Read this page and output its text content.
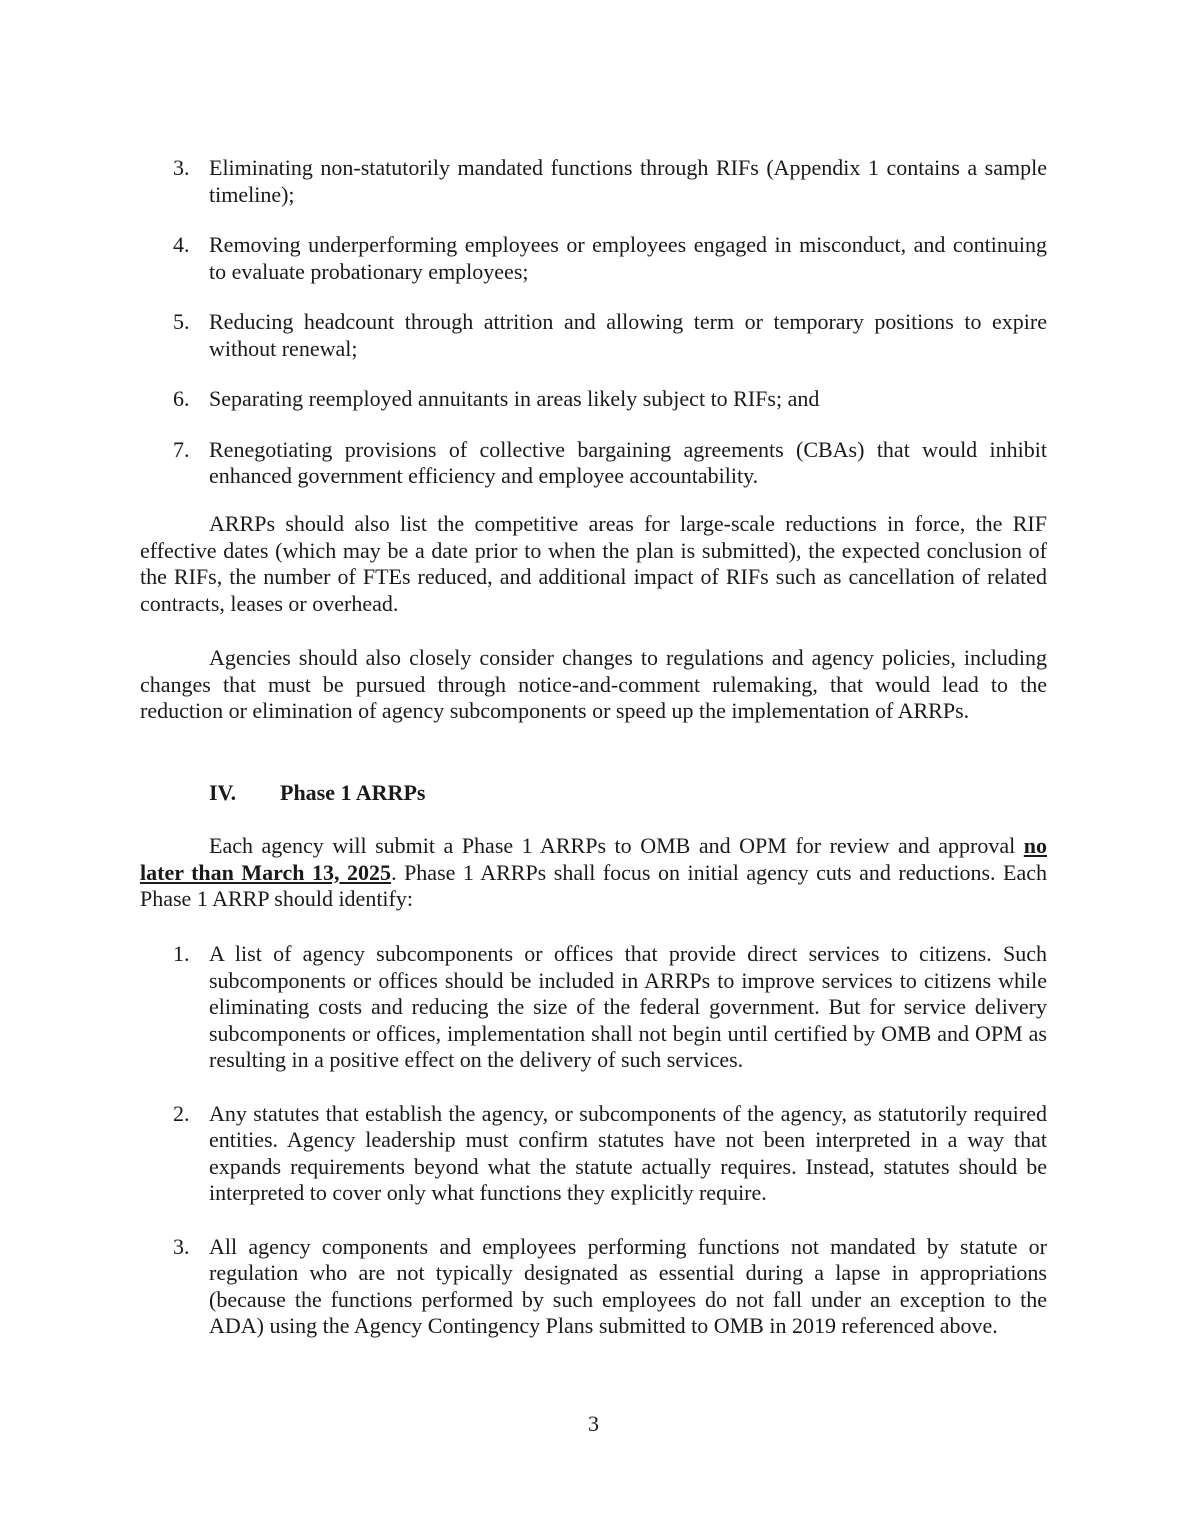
3. Eliminating non-statutorily mandated functions through RIFs (Appendix 1 contains a sample timeline);
4. Removing underperforming employees or employees engaged in misconduct, and continuing to evaluate probationary employees;
5. Reducing headcount through attrition and allowing term or temporary positions to expire without renewal;
6. Separating reemployed annuitants in areas likely subject to RIFs; and
7. Renegotiating provisions of collective bargaining agreements (CBAs) that would inhibit enhanced government efficiency and employee accountability.

ARRPs should also list the competitive areas for large-scale reductions in force, the RIF effective dates (which may be a date prior to when the plan is submitted), the expected conclusion of the RIFs, the number of FTEs reduced, and additional impact of RIFs such as cancellation of related contracts, leases or overhead.

Agencies should also closely consider changes to regulations and agency policies, including changes that must be pursued through notice-and-comment rulemaking, that would lead to the reduction or elimination of agency subcomponents or speed up the implementation of ARRPs.

IV. Phase 1 ARRPs

Each agency will submit a Phase 1 ARRPs to OMB and OPM for review and approval no later than March 13, 2025. Phase 1 ARRPs shall focus on initial agency cuts and reductions. Each Phase 1 ARRP should identify:

1. A list of agency subcomponents or offices that provide direct services to citizens. Such subcomponents or offices should be included in ARRPs to improve services to citizens while eliminating costs and reducing the size of the federal government. But for service delivery subcomponents or offices, implementation shall not begin until certified by OMB and OPM as resulting in a positive effect on the delivery of such services.
2. Any statutes that establish the agency, or subcomponents of the agency, as statutorily required entities. Agency leadership must confirm statutes have not been interpreted in a way that expands requirements beyond what the statute actually requires. Instead, statutes should be interpreted to cover only what functions they explicitly require.
3. All agency components and employees performing functions not mandated by statute or regulation who are not typically designated as essential during a lapse in appropriations (because the functions performed by such employees do not fall under an exception to the ADA) using the Agency Contingency Plans submitted to OMB in 2019 referenced above.
3
